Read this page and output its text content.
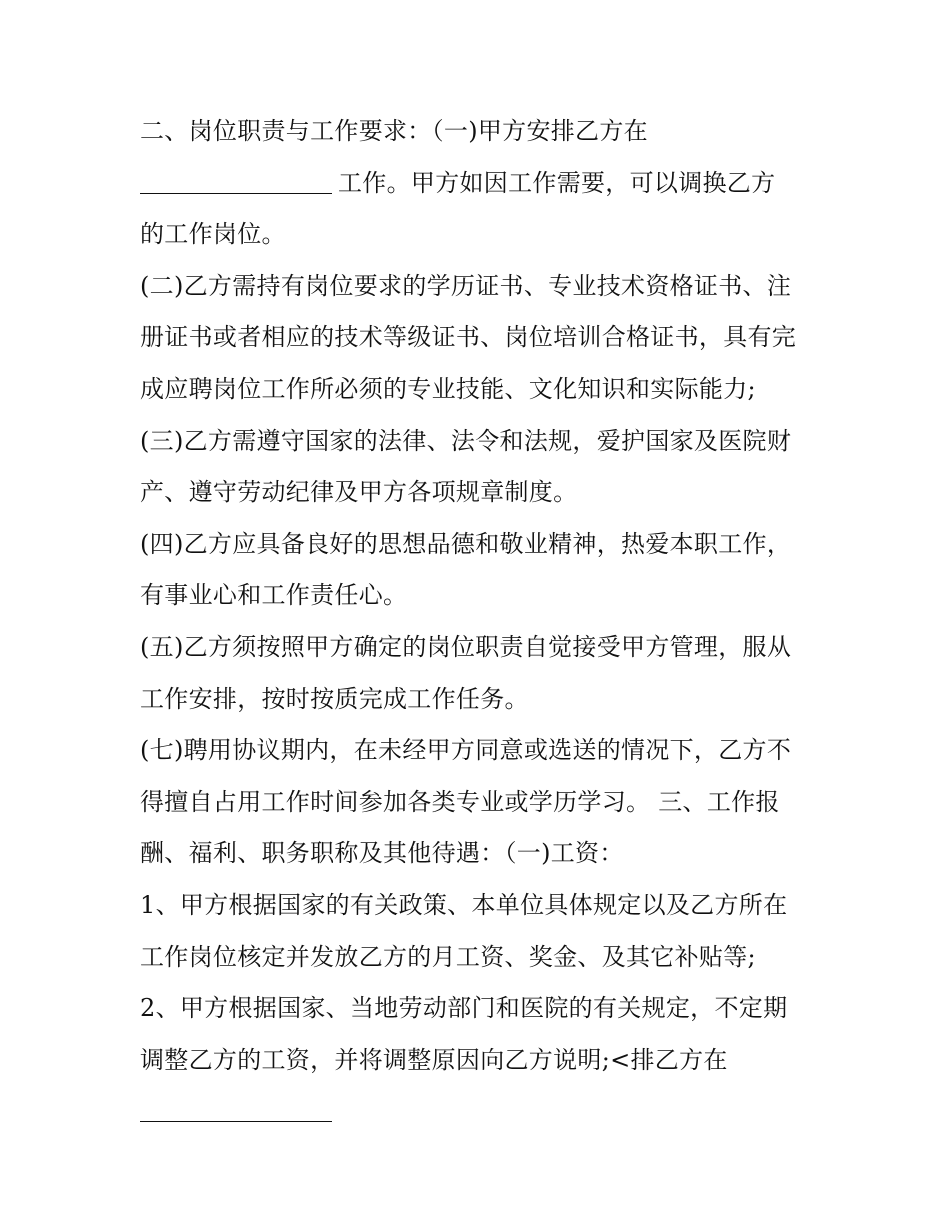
二、岗位职责与工作要求：（一)甲方安排乙方在
工作。甲方如因工作需要，可以调换乙方
的工作岗位。
(二)乙方需持有岗位要求的学历证书、专业技术资格证书、注
册证书或者相应的技术等级证书、岗位培训合格证书，具有完
成应聘岗位工作所必须的专业技能、文化知识和实际能力;
(三)乙方需遵守国家的法律、法令和法规，爱护国家及医院财
产、遵守劳动纪律及甲方各项规章制度。
(四)乙方应具备良好的思想品德和敬业精神，热爱本职工作，
有事业心和工作责任心。
(五)乙方须按照甲方确定的岗位职责自觉接受甲方管理，服从
工作安排，按时按质完成工作任务。
(七)聘用协议期内，在未经甲方同意或选送的情况下，乙方不
得擅自占用工作时间参加各类专业或学历学习。 三、工作报
酬、福利、职务职称及其他待遇：（一)工资：
1、甲方根据国家的有关政策、本单位具体规定以及乙方所在
工作岗位核定并发放乙方的月工资、奖金、及其它补贴等;
2、甲方根据国家、当地劳动部门和医院的有关规定，不定期
调整乙方的工资，并将调整原因向乙方说明;<排乙方在
